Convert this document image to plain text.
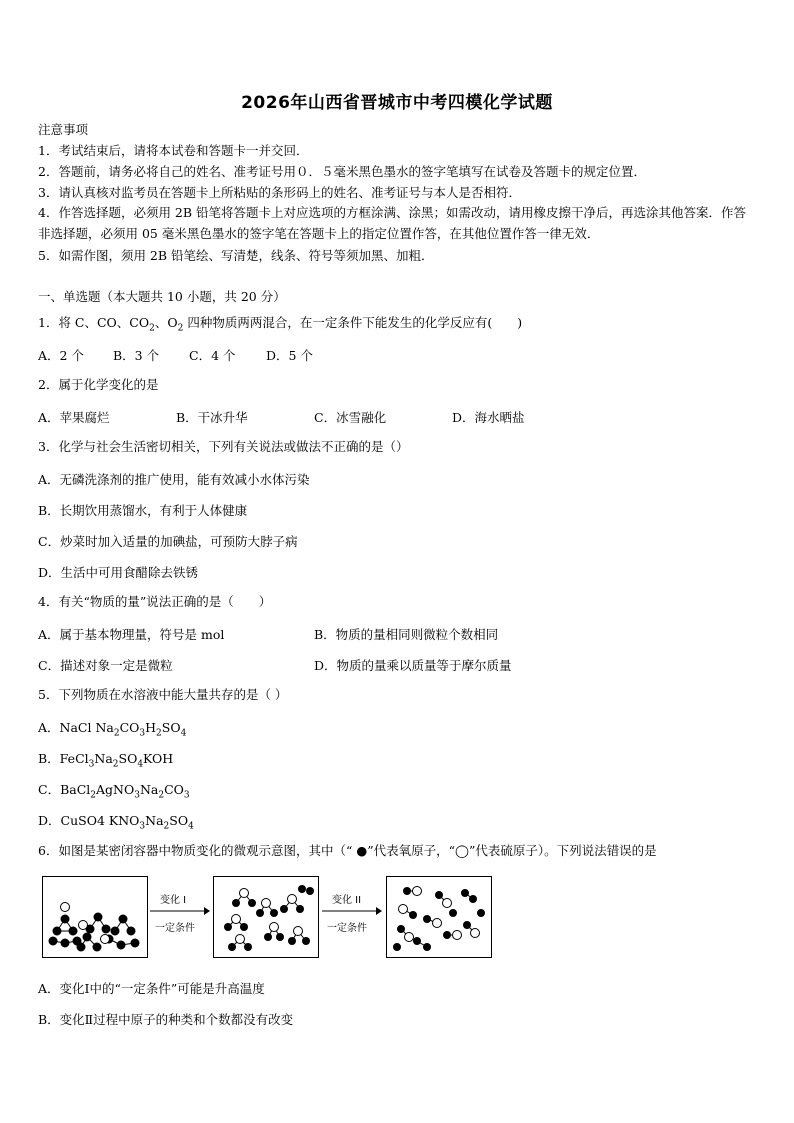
2026年山西省晋城市中考四模化学试题
注意事项
1．考试结束后，请将本试卷和答题卡一并交回．
2．答题前，请务必将自己的姓名、准考证号用０．５毫米黑色墨水的签字笔填写在试卷及答题卡的规定位置．
3．请认真核对监考员在答题卡上所粘贴的条形码上的姓名、准考证号与本人是否相符．
4．作答选择题，必须用 2B 铅笔将答题卡上对应选项的方框涂满、涂黑；如需改动，请用橡皮擦干净后，再选涂其他答案．作答非选择题，必须用 05 毫米黑色墨水的签字笔在答题卡上的指定位置作答，在其他位置作答一律无效．
5．如需作图，须用 2B 铅笔绘、写清楚，线条、符号等须加黑、加粗．
一、单选题（本大题共 10 小题，共 20 分）
1．将 C、CO、$CO_2$、$O_2$ 四种物质两两混合，在一定条件下能发生的化学反应有(　　)
A．2 个 B．3 个 C．4 个 D．5 个
2．属于化学变化的是
A．苹果腐烂	B．干冰升华	C．冰雪融化	D．海水晒盐
3．化学与社会生活密切相关，下列有关说法或做法不正确的是（）
A．无磷洗涤剂的推广使用，能有效减小水体污染
B．长期饮用蒸馏水，有利于人体健康
C．炒菜时加入适量的加碘盐，可预防大脖子病
D．生活中可用食醋除去铁锈
4．有关“物质的量”说法正确的是（　　）
A．属于基本物理量，符号是 mol	B．物质的量相同则微粒个数相同
C．描述对象一定是微粒	D．物质的量乘以质量等于摩尔质量
5．下列物质在水溶液中能大量共存的是（ ）
A．NaCl $Na_2CO_3H_2SO_4$
B．$FeCl_3Na_2SO_4KOH$
C．$BaCl_2AgNO_3Na_2CO_3$
D．CuSO4 $KNO_3Na_2SO_4$
6．如图是某密闭容器中物质变化的微观示意图，其中（“ ●”代表氧原子，“◯”代表硫原子）。下列说法错误的是
变化 I
一定条件
变化 II
一定条件
A．变化Ⅰ中的“一定条件”可能是升高温度
B．变化Ⅱ过程中原子的种类和个数都没有改变
